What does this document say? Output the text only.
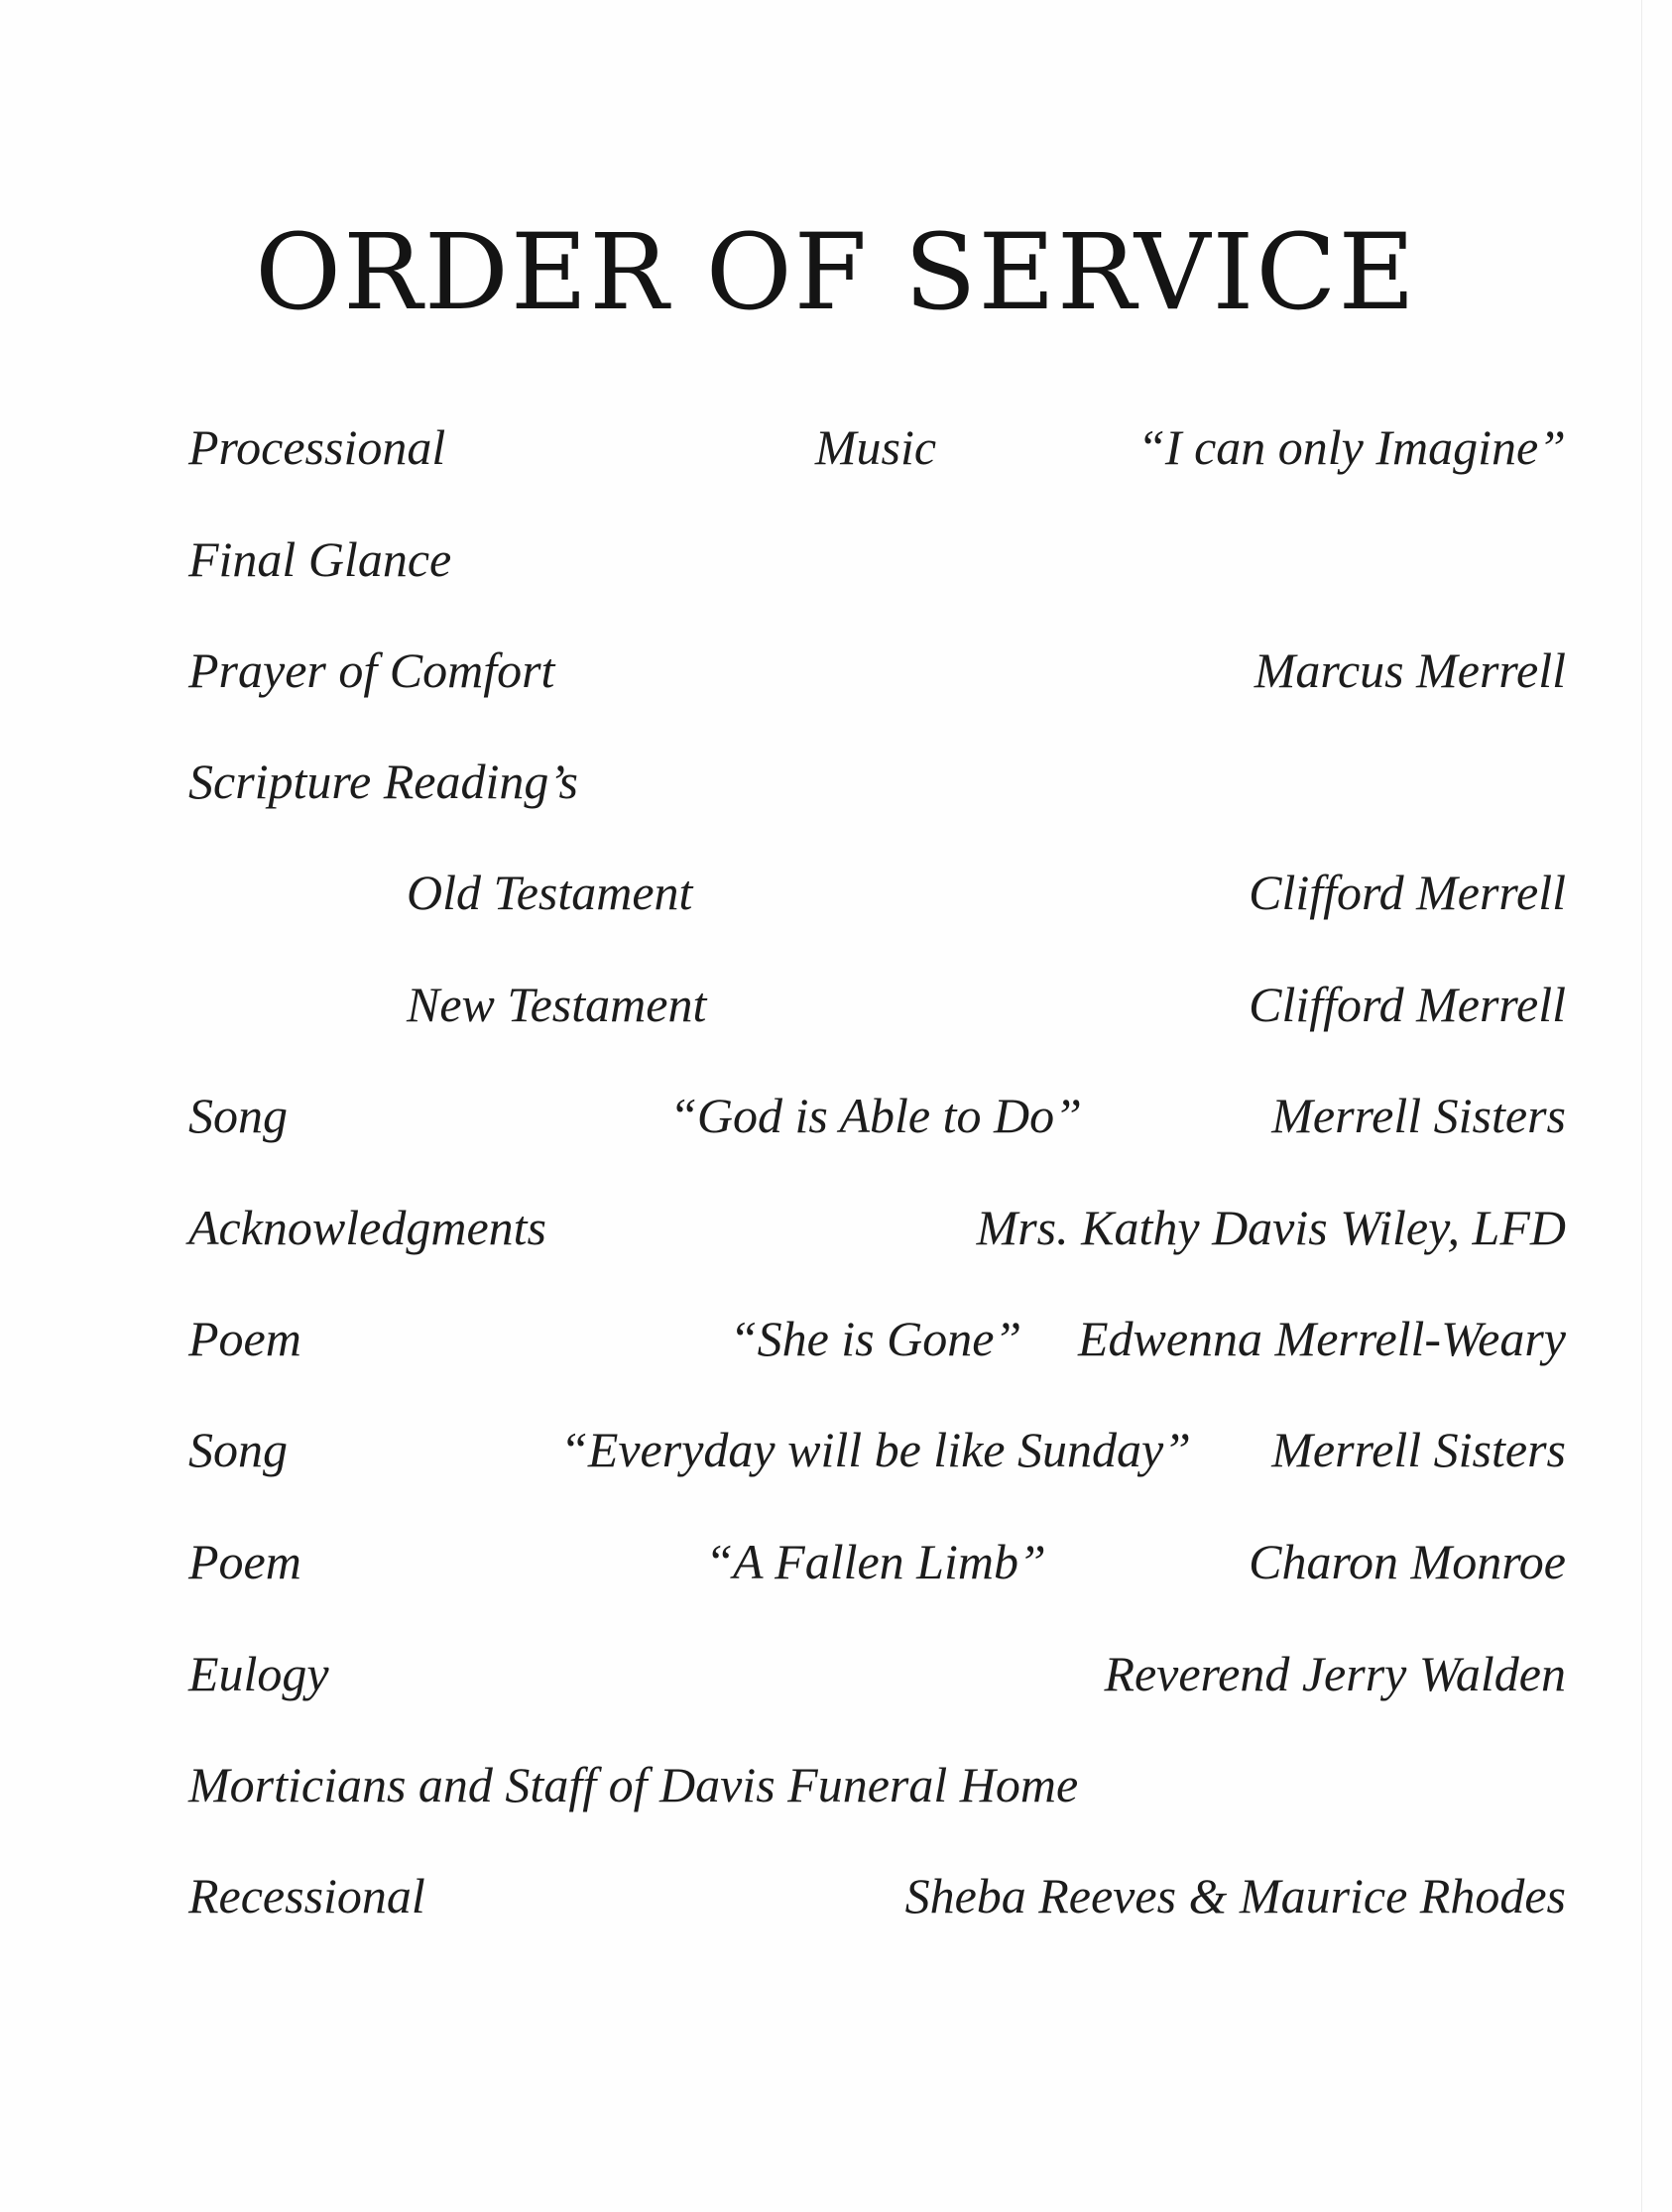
ORDER OF SERVICE
Processional	Music	“I can only Imagine”
Final Glance
Prayer of Comfort	Marcus Merrell
Scripture Reading’s
Old Testament	Clifford Merrell
New Testament	Clifford Merrell
Song	“God is Able to Do”	Merrell Sisters
Acknowledgments	Mrs. Kathy Davis Wiley, LFD
Poem	“She is Gone” Edwenna Merrell-Weary
Song	“Everyday will be like Sunday” Merrell Sisters
Poem	“A Fallen Limb”	Charon Monroe
Eulogy	Reverend Jerry Walden
Morticians and Staff of Davis Funeral Home
Recessional	Sheba Reeves & Maurice Rhodes
